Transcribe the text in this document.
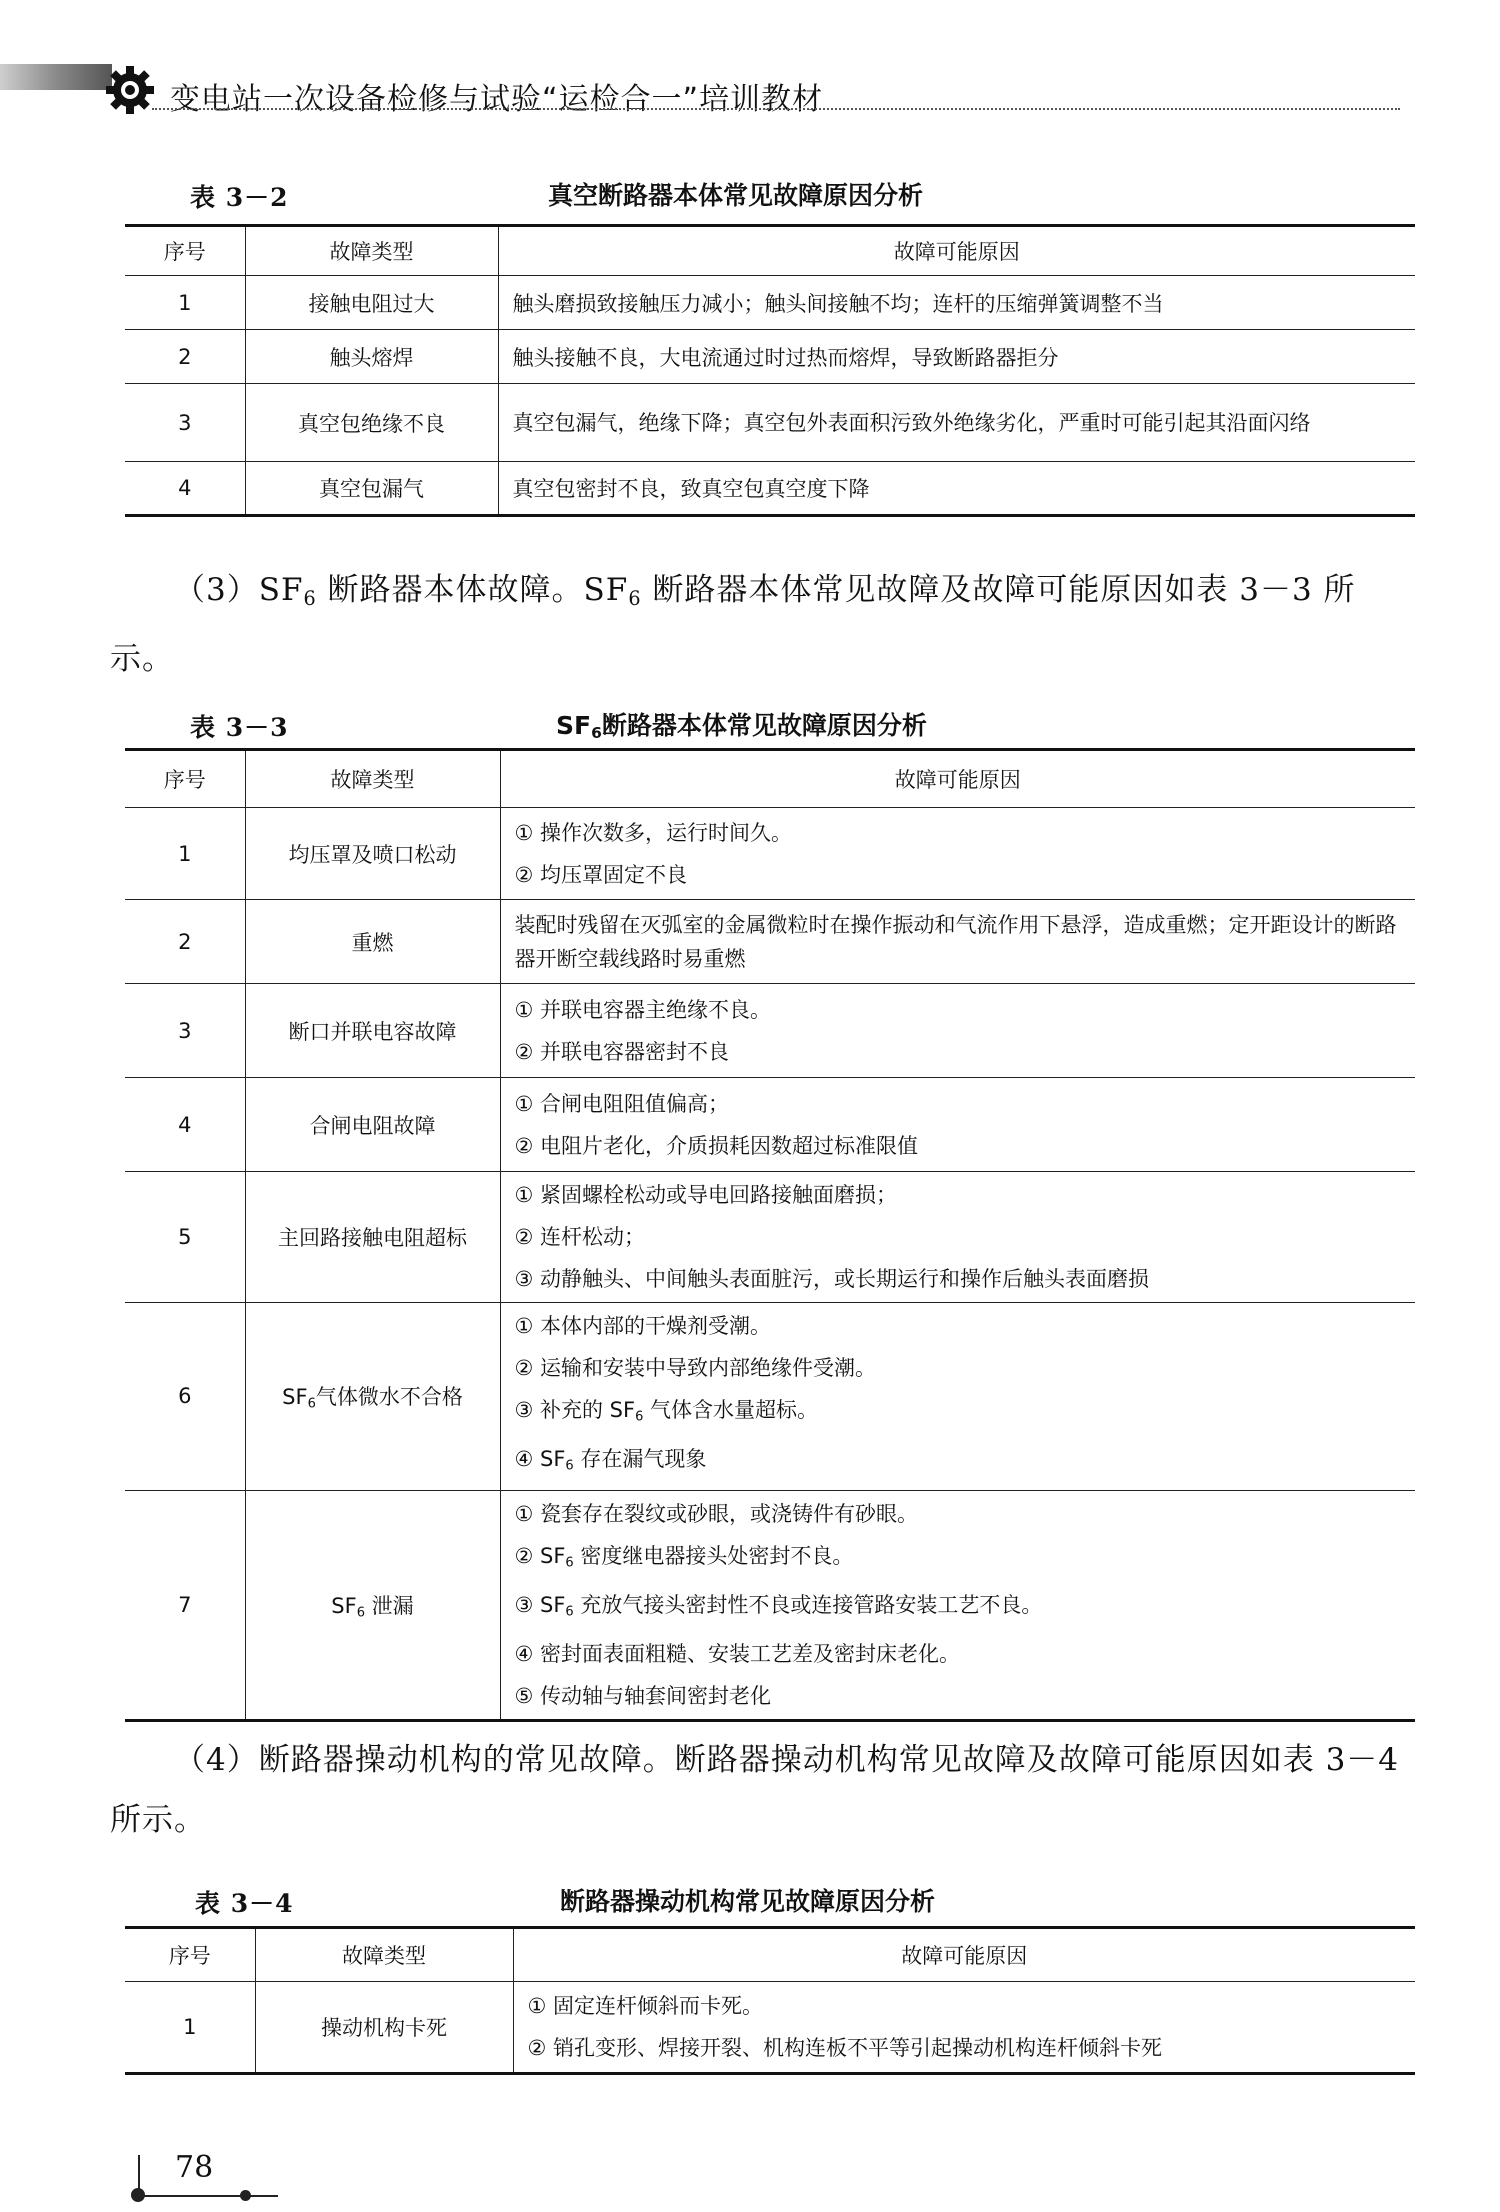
变电站一次设备检修与试验“运检合一”培训教材
表 3－2	真空断路器本体常见故障原因分析
序号	故障类型	故障可能原因
1	接触电阻过大	触头磨损致接触压力减小；触头间接触不均；连杆的压缩弹簧调整不当
2	触头熔焊	触头接触不良，大电流通过时过热而熔焊，导致断路器拒分
3	真空包绝缘不良	真空包漏气，绝缘下降；真空包外表面积污致外绝缘劣化，严重时可能引起其沿面闪络
4	真空包漏气	真空包密封不良，致真空包真空度下降
$(3)SF_6$ 断路器本体故障。$SF_6$ 断路器本体常见故障及故障可能原因如表 3－3 所示。
表 3－3	$SF_6$断路器本体常见故障原因分析
序号	故障类型	故障可能原因
1	均压罩及喷口松动	① 操作次数多，运行时间久。
② 均压罩固定不良

2	重燃	装配时残留在灭弧室的金属微粒时在操作振动和气流作用下悬浮，造成重燃；定开距设计的断路器开断空载线路时易重燃
3	断口并联电容故障	① 并联电容器主绝缘不良。
② 并联电容器密封不良

4	合闸电阻故障	① 合闸电阻阻值偏高；
② 电阻片老化，介质损耗因数超过标准限值

5	主回路接触电阻超标	① 紧固螺栓松动或导电回路接触面磨损；
② 连杆松动；
③ 动静触头、中间触头表面脏污，或长期运行和操作后触头表面磨损

6	$SF_6$气体微水不合格	① 本体内部的干燥剂受潮。
② 运输和安装中导致内部绝缘件受潮。
③ 补充的 $SF_6$ 气体含水量超标。
④ $SF_6$ 存在漏气现象

7	$SF_6$ 泄漏	① 瓷套存在裂纹或砂眼，或浇铸件有砂眼。
② $SF_6$ 密度继电器接头处密封不良。
③ $SF_6$ 充放气接头密封性不良或连接管路安装工艺不良。
④ 密封面表面粗糙、安装工艺差及密封床老化。
⑤ 传动轴与轴套间密封老化
（4）断路器操动机构的常见故障。断路器操动机构常见故障及故障可能原因如表 3－4 所示。
表 3－4	断路器操动机构常见故障原因分析
序号	故障类型	故障可能原因
1	操动机构卡死	① 固定连杆倾斜而卡死。
② 销孔变形、焊接开裂、机构连板不平等引起操动机构连杆倾斜卡死
78
